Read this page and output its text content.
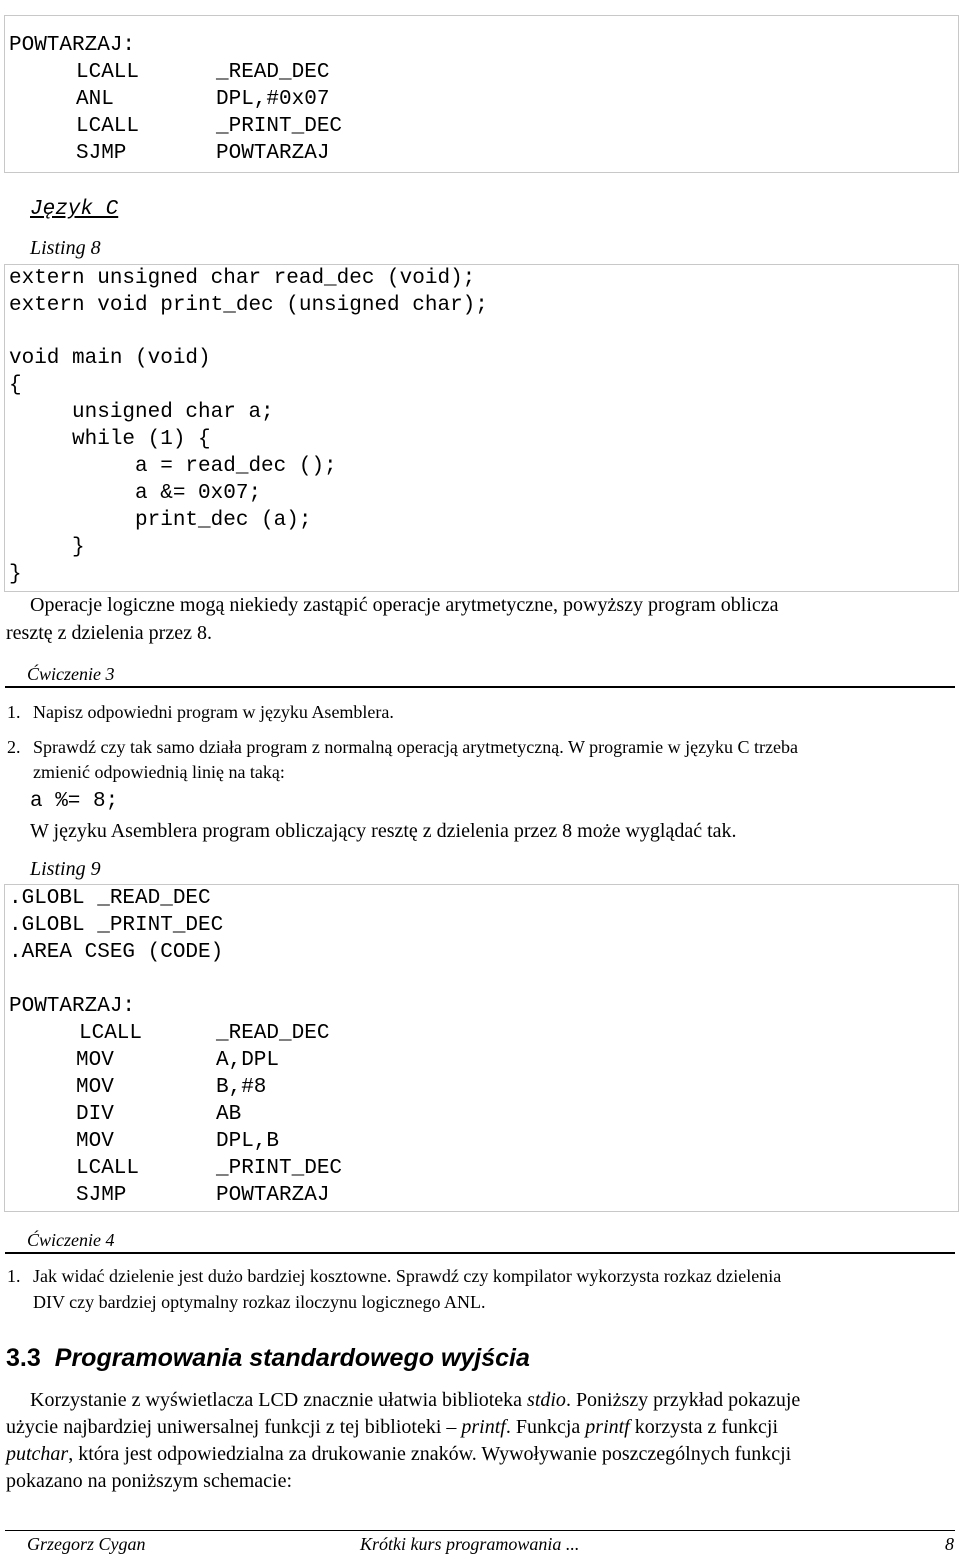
POWTARZAJ:
LCALL	_READ_DEC
ANL	DPL,#0x07
LCALL	_PRINT_DEC
SJMP	POWTARZAJ
Język C
Listing 8
extern unsigned char read_dec (void);
extern void print_dec (unsigned char);
void main (void)
{
unsigned char a;
while (1) {
a = read_dec ();
a &= 0x07;
print_dec (a);
}
}
Operacje logiczne mogą niekiedy zastąpić operacje arytmetyczne, powyższy program oblicza
resztę z dzielenia przez 8.
Ćwiczenie 3
1. Napisz odpowiedni program w języku Asemblera.
2. Sprawdź czy tak samo działa program z normalną operacją arytmetyczną. W programie w języku C trzeba
zmienić odpowiednią linię na taką:
a %= 8;
W języku Asemblera program obliczający resztę z dzielenia przez 8 może wyglądać tak.
Listing 9
.GLOBL _READ_DEC
.GLOBL _PRINT_DEC
.AREA CSEG (CODE)
POWTARZAJ:
LCALL	_READ_DEC
MOV	A,DPL
MOV	B,#8
DIV	AB
MOV	DPL,B
LCALL	_PRINT_DEC
SJMP	POWTARZAJ
Ćwiczenie 4
1. Jak widać dzielenie jest dużo bardziej kosztowne. Sprawdź czy kompilator wykorzysta rozkaz dzielenia
DIV czy bardziej optymalny rozkaz iloczynu logicznego ANL.
3.3 Programowania standardowego wyjścia
Korzystanie z wyświetlacza LCD znacznie ułatwia biblioteka stdio. Poniższy przykład pokazuje
użycie najbardziej uniwersalnej funkcji z tej biblioteki – printf. Funkcja printf korzysta z funkcji
putchar, która jest odpowiedzialna za drukowanie znaków. Wywoływanie poszczególnych funkcji
pokazano na poniższym schemacie:
Grzegorz Cygan	Krótki kurs programowania ...	8
